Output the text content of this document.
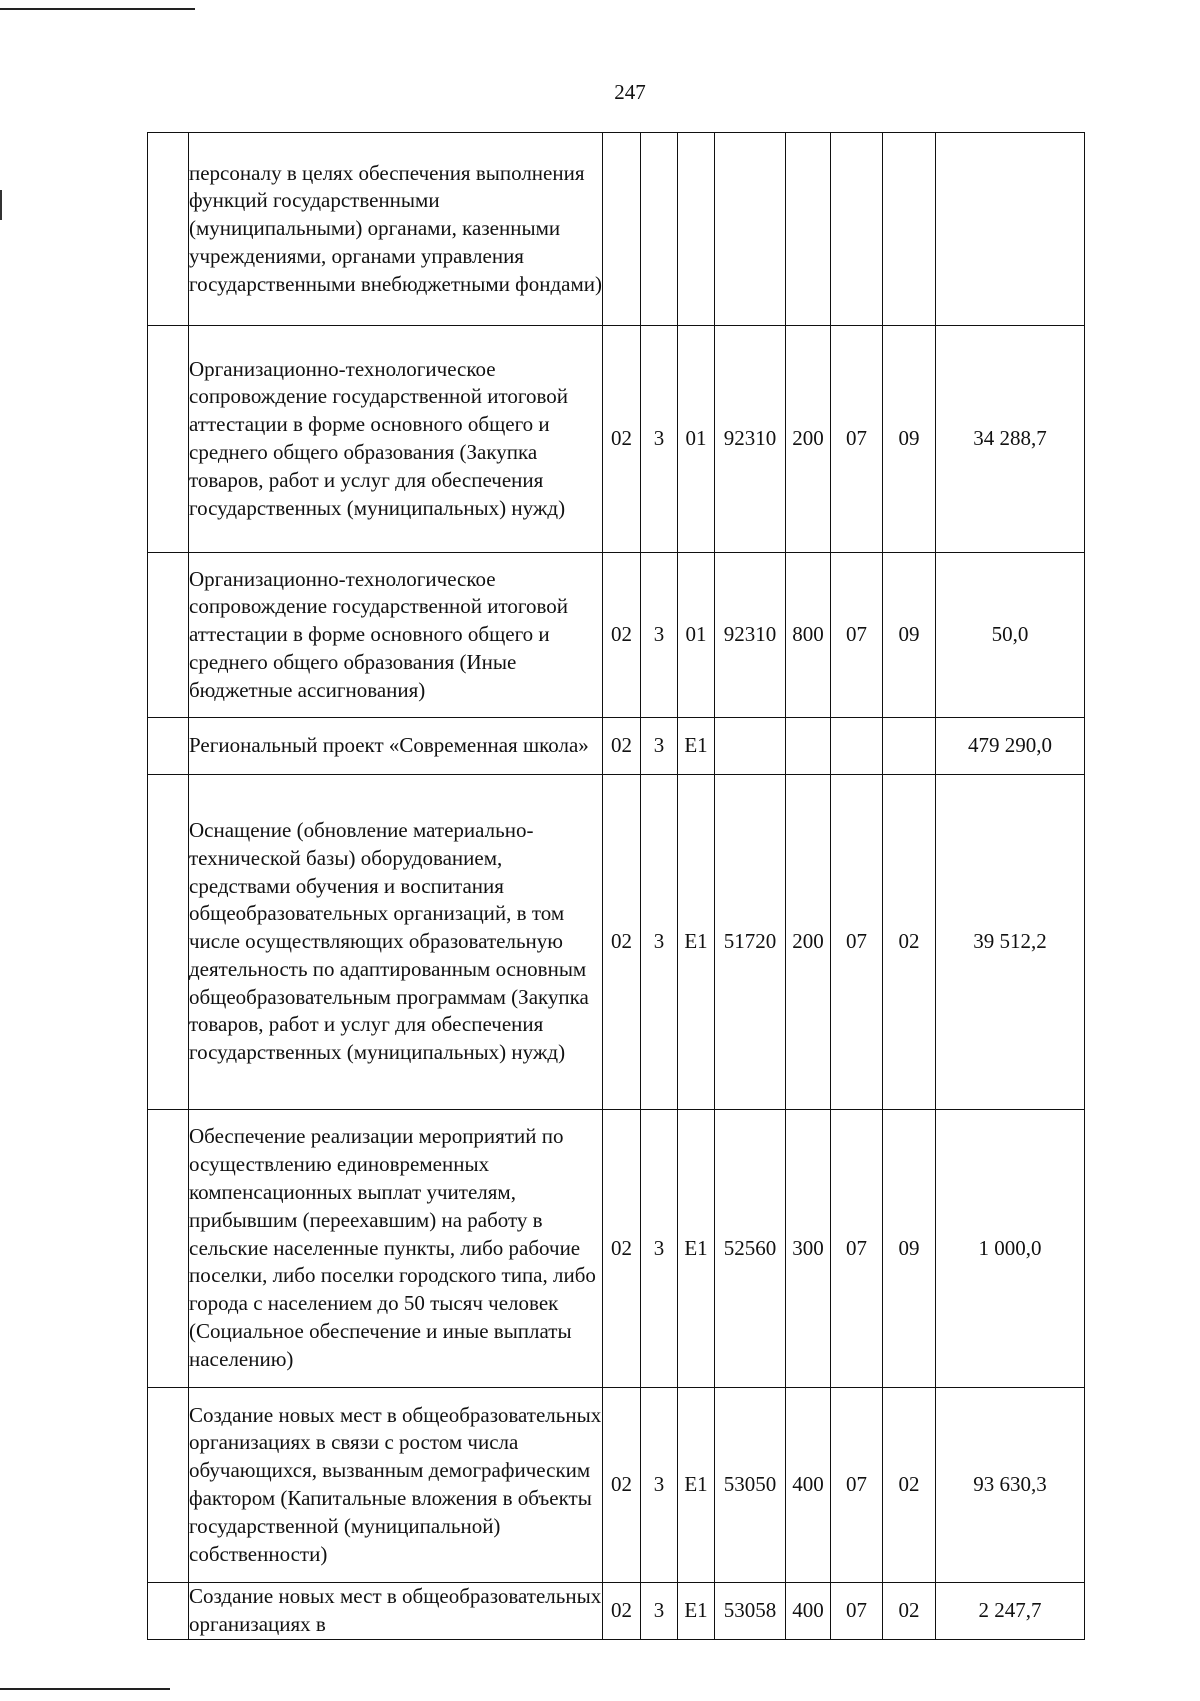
247

	персоналу в целях обеспечения выполнения функций государственными (муниципальными) органами, казенными учреждениями, органами управления государственными внебюджетными фондами)								

	Организационно-технологическое сопровождение государственной итоговой аттестации в форме основного общего и среднего общего образования (Закупка товаров, работ и услуг для обеспечения государственных (муниципальных) нужд)	02	3	01	92310	200	07	09	34 288,7

	Организационно-технологическое сопровождение государственной итоговой аттестации в форме основного общего и среднего общего образования (Иные бюджетные ассигнования)	02	3	01	92310	800	07	09	50,0

	Региональный проект «Современная школа»	02	3	E1					479 290,0

	Оснащение (обновление материально-технической базы) оборудованием, средствами обучения и воспитания общеобразовательных организаций, в том числе осуществляющих образовательную деятельность по адаптированным основным общеобразовательным программам (Закупка товаров, работ и услуг для обеспечения государственных (муниципальных) нужд)	02	3	E1	51720	200	07	02	39 512,2

	Обеспечение реализации мероприятий по осуществлению единовременных компенсационных выплат учителям, прибывшим (переехавшим) на работу в сельские населенные пункты, либо рабочие поселки, либо поселки городского типа, либо города с населением до 50 тысяч человек (Социальное обеспечение и иные выплаты населению)	02	3	E1	52560	300	07	09	1 000,0

	Создание новых мест в общеобразовательных организациях в связи с ростом числа обучающихся, вызванным демографическим фактором (Капитальные вложения в объекты государственной (муниципальной) собственности)	02	3	E1	53050	400	07	02	93 630,3

	Создание новых мест в общеобразовательных организациях в	02	3	E1	53058	400	07	02	2 247,7
